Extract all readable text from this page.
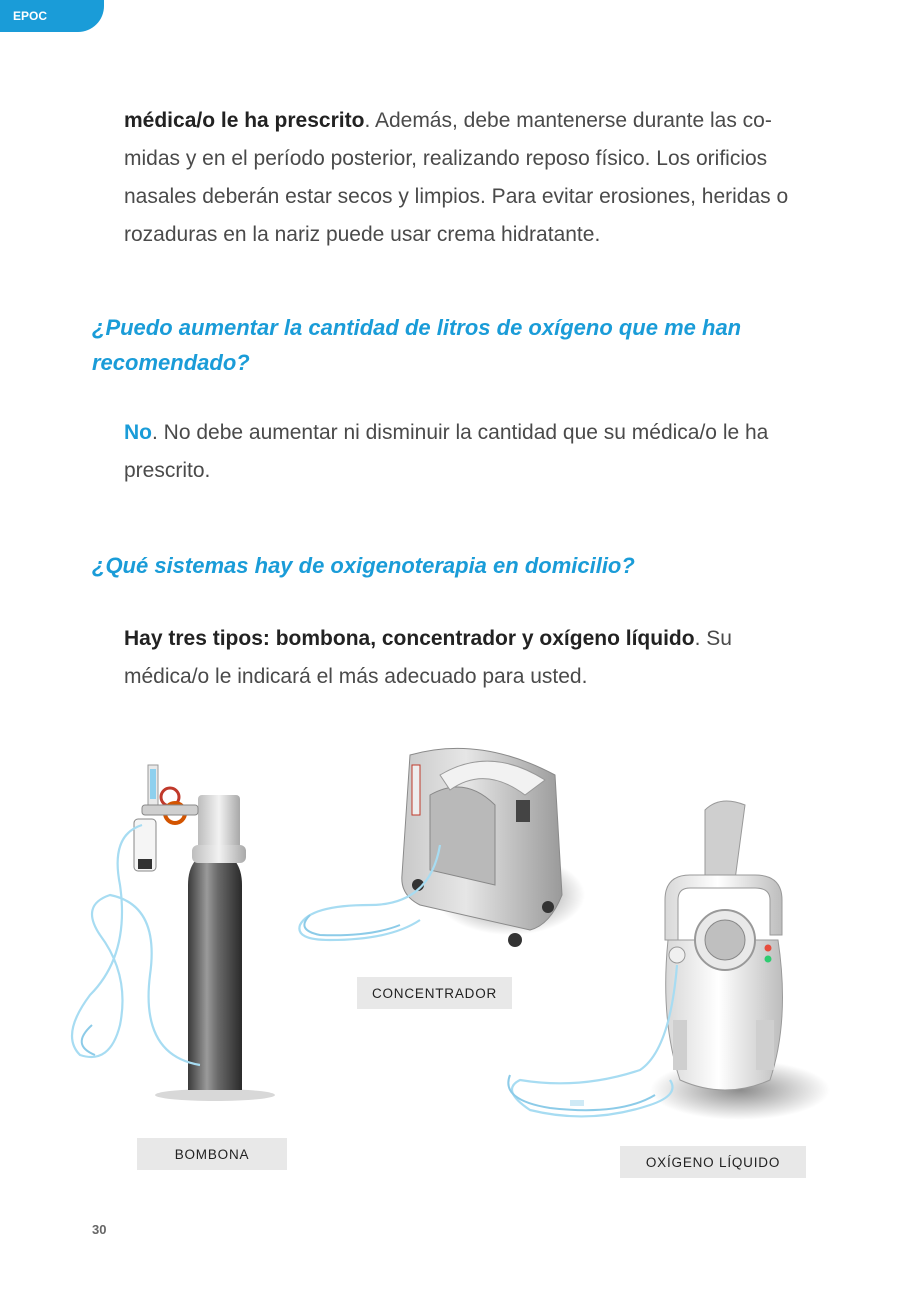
EPOC
médica/o le ha prescrito. Además, debe mantenerse durante las co- midas y en el período posterior, realizando reposo físico. Los orificios nasales deberán estar secos y limpios. Para evitar erosiones, heridas o rozaduras en la nariz puede usar crema hidratante.
¿Puedo aumentar la cantidad de litros de oxígeno que me han recomendado?
No. No debe aumentar ni disminuir la cantidad que su médica/o le ha prescrito.
¿Qué sistemas hay de oxigenoterapia en domicilio?
Hay tres tipos: bombona, concentrador y oxígeno líquido. Su médica/o le indicará el más adecuado para usted.
BOMBONA
CONCENTRADOR
OXÍGENO LÍQUIDO
30
